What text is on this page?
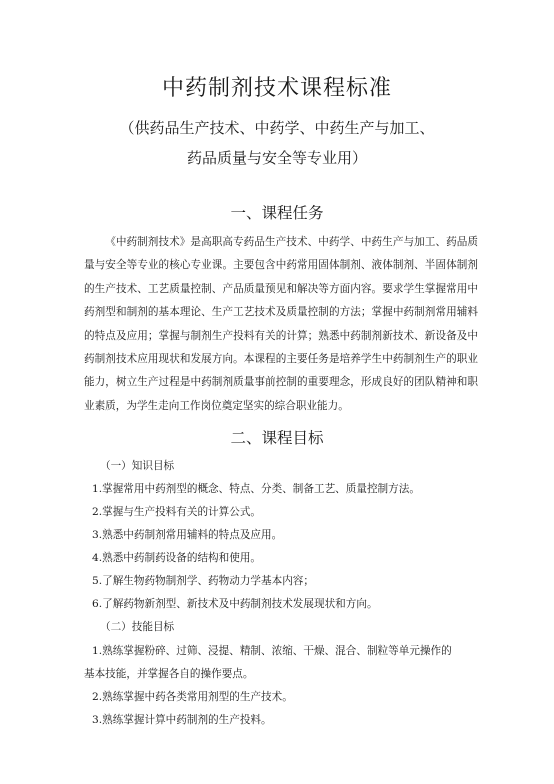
中药制剂技术课程标准
（供药品生产技术、中药学、中药生产与加工、
药品质量与安全等专业用）
一、课程任务

《中药制剂技术》是高职高专药品生产技术、中药学、中药生产与加工、药品质量与安全等专业的核心专业课。主要包含中药常用固体制剂、液体制剂、半固体制剂的生产技术、工艺质量控制、产品质量预见和解决等方面内容。要求学生掌握常用中药剂型和制剂的基本理论、生产工艺技术及质量控制的方法；掌握中药制剂常用辅料的特点及应用；掌握与制剂生产投料有关的计算；熟悉中药制剂新技术、新设备及中药制剂技术应用现状和发展方向。本课程的主要任务是培养学生中药制剂生产的职业能力，树立生产过程是中药制剂质量事前控制的重要理念，形成良好的团队精神和职业素质，为学生走向工作岗位奠定坚实的综合职业能力。

二、课程目标
（一）知识目标
1.掌握常用中药剂型的概念、特点、分类、制备工艺、质量控制方法。
2.掌握与生产投料有关的计算公式。
3.熟悉中药制剂常用辅料的特点及应用。
4.熟悉中药制药设备的结构和使用。
5.了解生物药物制剂学、药物动力学基本内容；
6.了解药物新剂型、新技术及中药制剂技术发展现状和方向。
（二）技能目标
1.熟练掌握粉碎、过筛、浸提、精制、浓缩、干燥、混合、制粒等单元操作的
基本技能，并掌握各自的操作要点。
2.熟练掌握中药各类常用剂型的生产技术。
3.熟练掌握计算中药制剂的生产投料。
